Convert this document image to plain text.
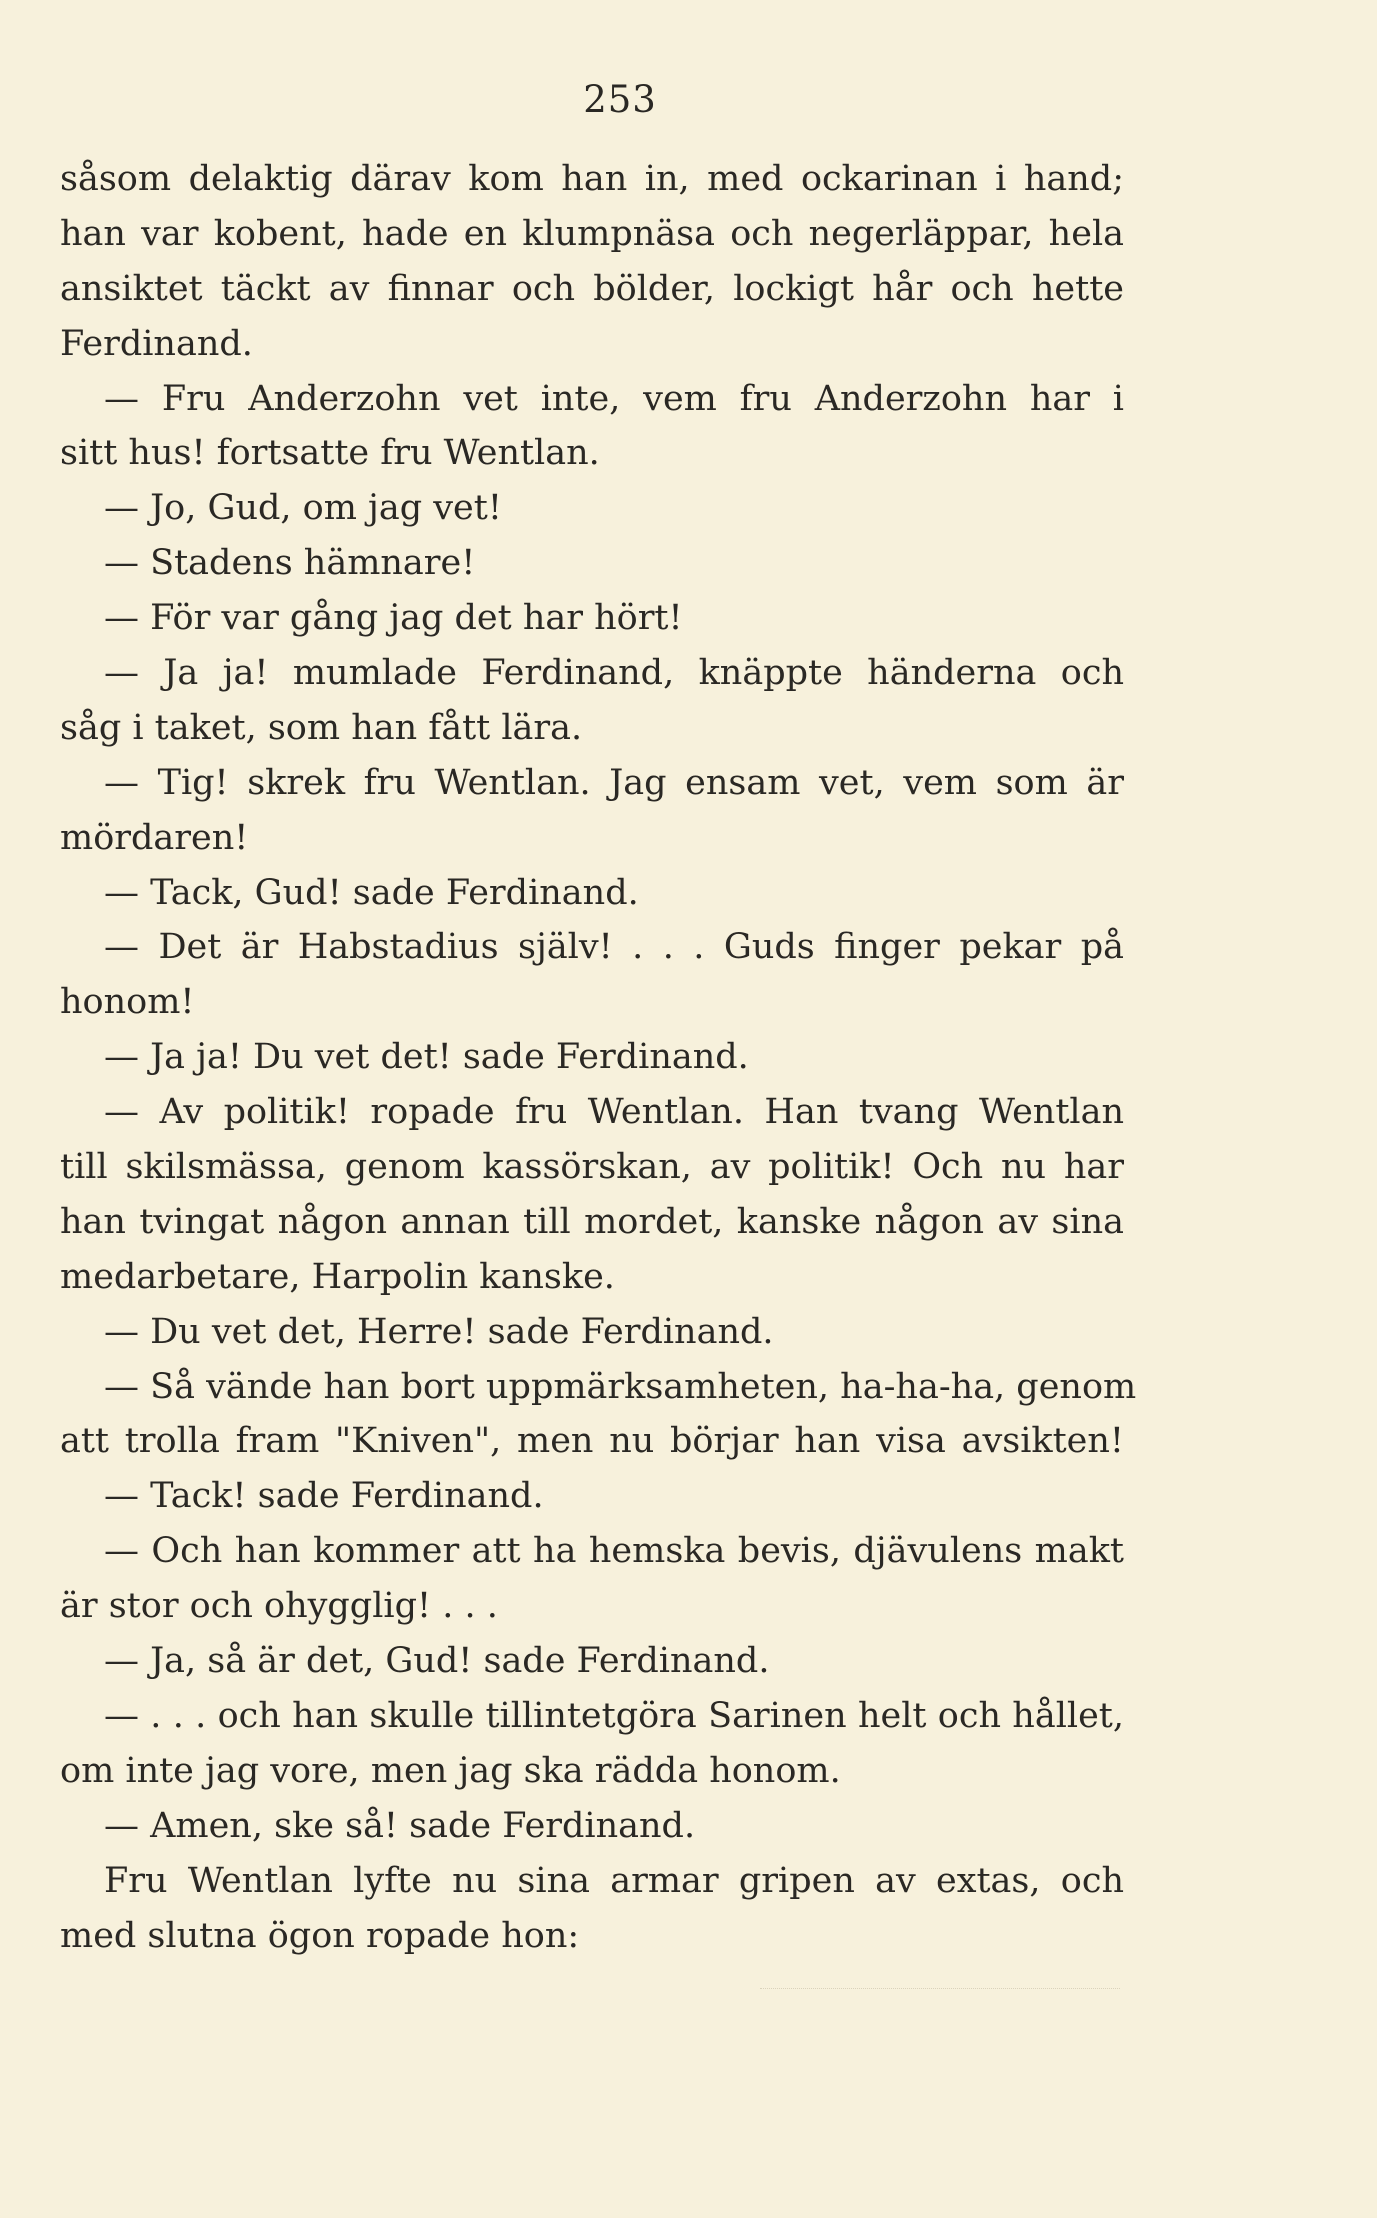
253
såsom delaktig därav kom han in, med ockarinan i hand;
han var kobent, hade en klumpnäsa och negerläppar, hela
ansiktet täckt av finnar och bölder, lockigt hår och hette
Ferdinand.
— Fru Anderzohn vet inte, vem fru Anderzohn har i
sitt hus! fortsatte fru Wentlan.
— Jo, Gud, om jag vet!
— Stadens hämnare!
— För var gång jag det har hört!
— Ja ja! mumlade Ferdinand, knäppte händerna och
såg i taket, som han fått lära.
— Tig! skrek fru Wentlan. Jag ensam vet, vem som är
mördaren!
— Tack, Gud! sade Ferdinand.
— Det är Habstadius själv! . . . Guds finger pekar på
honom!
— Ja ja! Du vet det! sade Ferdinand.
— Av politik! ropade fru Wentlan. Han tvang Wentlan
till skilsmässa, genom kassörskan, av politik! Och nu har
han tvingat någon annan till mordet, kanske någon av sina
medarbetare, Harpolin kanske.
— Du vet det, Herre! sade Ferdinand.
— Så vände han bort uppmärksamheten, ha-ha-ha, genom
att trolla fram "Kniven", men nu börjar han visa avsikten!
— Tack! sade Ferdinand.
— Och han kommer att ha hemska bevis, djävulens makt
är stor och ohygglig! . . .
— Ja, så är det, Gud! sade Ferdinand.
— . . . och han skulle tillintetgöra Sarinen helt och hållet,
om inte jag vore, men jag ska rädda honom.
— Amen, ske så! sade Ferdinand.
Fru Wentlan lyfte nu sina armar gripen av extas, och
med slutna ögon ropade hon:
